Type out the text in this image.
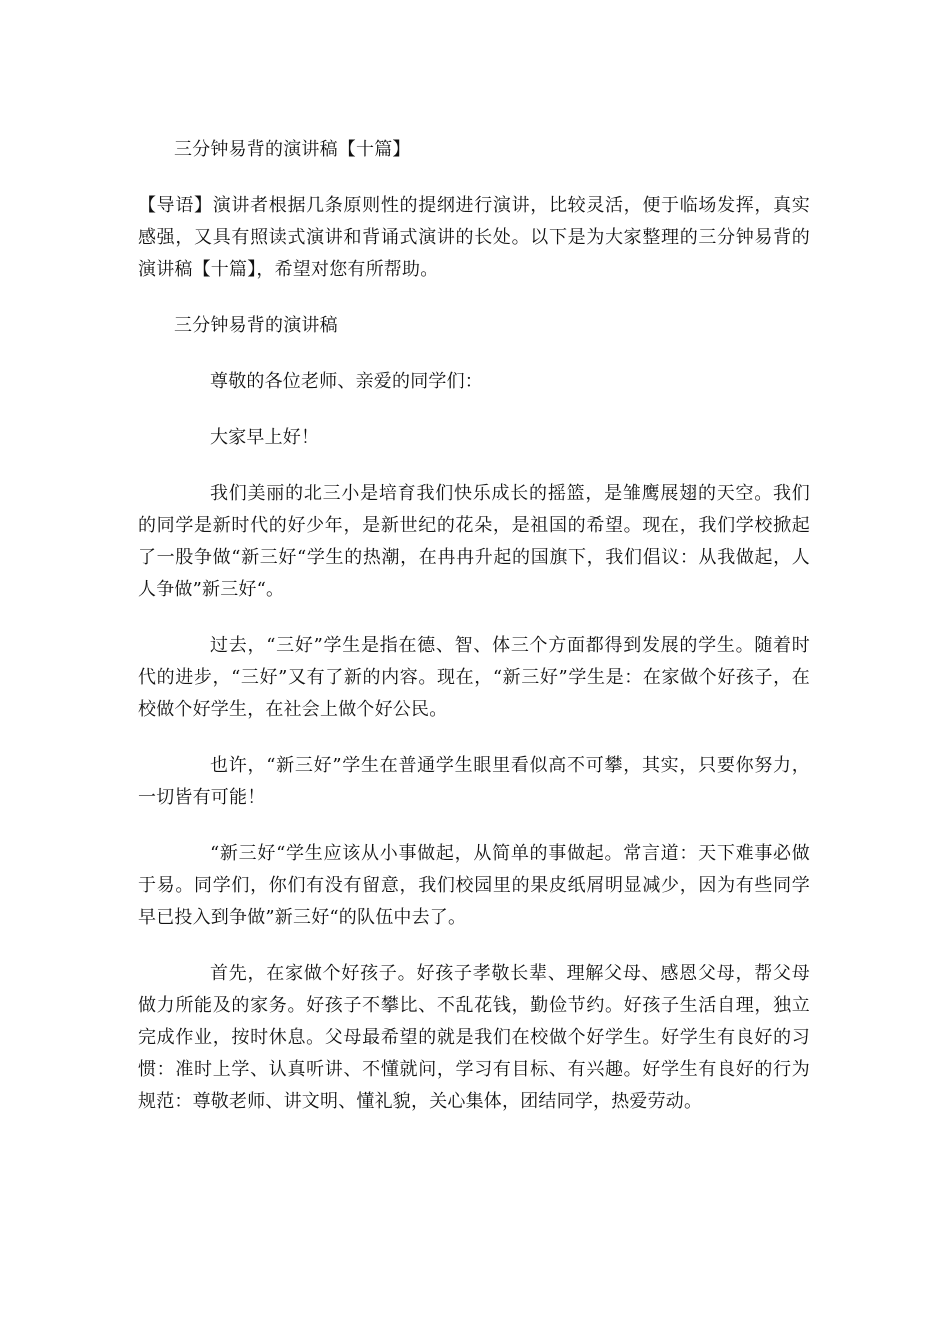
三分钟易背的演讲稿【十篇】

【导语】演讲者根据几条原则性的提纲进行演讲，比较灵活，便于临场发挥，真实感强，又具有照读式演讲和背诵式演讲的长处。以下是为大家整理的三分钟易背的演讲稿【十篇】，希望对您有所帮助。

三分钟易背的演讲稿

尊敬的各位老师、亲爱的同学们：

大家早上好！

我们美丽的北三小是培育我们快乐成长的摇篮，是雏鹰展翅的天空。我们的同学是新时代的好少年，是新世纪的花朵，是祖国的希望。现在，我们学校掀起了一股争做“新三好“学生的热潮，在冉冉升起的国旗下，我们倡议：从我做起，人人争做”新三好“。

过去，“三好”学生是指在德、智、体三个方面都得到发展的学生。随着时代的进步，“三好”又有了新的内容。现在，“新三好”学生是：在家做个好孩子，在校做个好学生，在社会上做个好公民。

也许，“新三好”学生在普通学生眼里看似高不可攀，其实，只要你努力，一切皆有可能！

“新三好“学生应该从小事做起，从简单的事做起。常言道：天下难事必做于易。同学们，你们有没有留意，我们校园里的果皮纸屑明显减少，因为有些同学早已投入到争做”新三好“的队伍中去了。

首先，在家做个好孩子。好孩子孝敬长辈、理解父母、感恩父母，帮父母做力所能及的家务。好孩子不攀比、不乱花钱，勤俭节约。好孩子生活自理，独立完成作业，按时休息。父母最希望的就是我们在校做个好学生。好学生有良好的习惯：准时上学、认真听讲、不懂就问，学习有目标、有兴趣。好学生有良好的行为规范：尊敬老师、讲文明、懂礼貌，关心集体，团结同学，热爱劳动。
